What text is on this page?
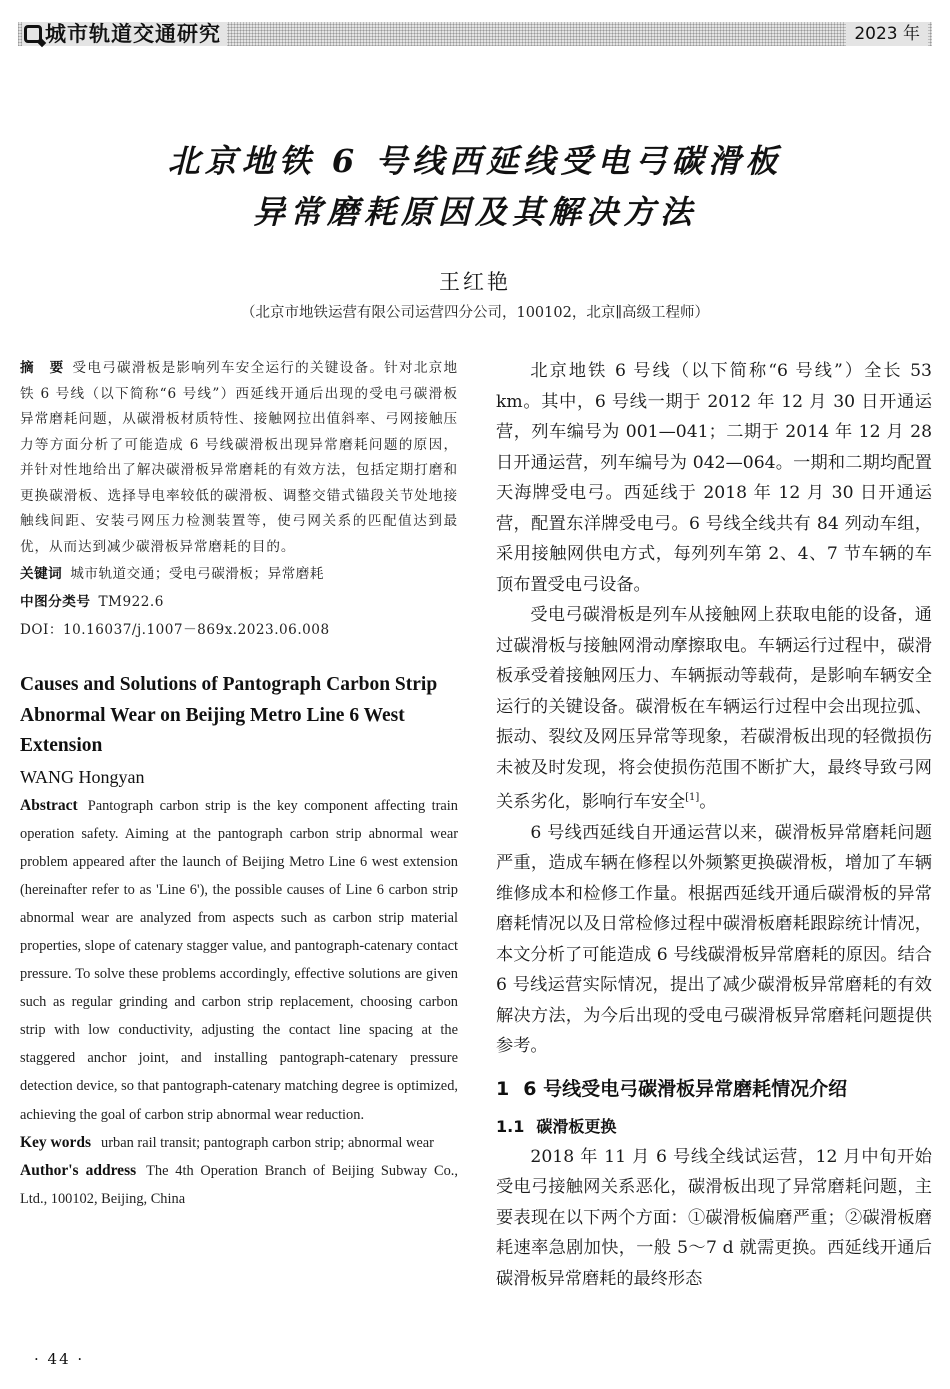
城市轨道交通研究	2023 年
北京地铁 6 号线西延线受电弓碳滑板
异常磨耗原因及其解决方法
王红艳
（北京市地铁运营有限公司运营四分公司，100102，北京∥高级工程师）
摘　要 受电弓碳滑板是影响列车安全运行的关键设备。针对北京地铁 6 号线（以下简称“6 号线”）西延线开通后出现的受电弓碳滑板异常磨耗问题，从碳滑板材质特性、接触网拉出值斜率、弓网接触压力等方面分析了可能造成 6 号线碳滑板出现异常磨耗问题的原因，并针对性地给出了解决碳滑板异常磨耗的有效方法，包括定期打磨和更换碳滑板、选择导电率较低的碳滑板、调整交错式锚段关节处地接触线间距、安装弓网压力检测装置等，使弓网关系的匹配值达到最优，从而达到减少碳滑板异常磨耗的目的。
关键词 城市轨道交通；受电弓碳滑板；异常磨耗
中图分类号 TM922.6
DOI：10.16037/j.1007－869x.2023.06.008
Causes and Solutions of Pantograph Carbon Strip Abnormal Wear on Beijing Metro Line 6 West Extension
WANG Hongyan
Abstract Pantograph carbon strip is the key component affecting train operation safety. Aiming at the pantograph carbon strip abnormal wear problem appeared after the launch of Beijing Metro Line 6 west extension (hereinafter refer to as 'Line 6'), the possible causes of Line 6 carbon strip abnormal wear are analyzed from aspects such as carbon strip material properties, slope of catenary stagger value, and pantograph-catenary contact pressure. To solve these problems accordingly, effective solutions are given such as regular grinding and carbon strip replacement, choosing carbon strip with low conductivity, adjusting the contact line spacing at the staggered anchor joint, and installing pantograph-catenary pressure detection device, so that pantograph-catenary matching degree is optimized, achieving the goal of carbon strip abnormal wear reduction.
Key words urban rail transit; pantograph carbon strip; abnormal wear
Author's address The 4th Operation Branch of Beijing Subway Co., Ltd., 100102, Beijing, China
· 44 ·

北京地铁 6 号线（以下简称“6 号线”）全长 53 km。其中，6 号线一期于 2012 年 12 月 30 日开通运营，列车编号为 001—041；二期于 2014 年 12 月 28 日开通运营，列车编号为 042—064。一期和二期均配置天海牌受电弓。西延线于 2018 年 12 月 30 日开通运营，配置东洋牌受电弓。6 号线全线共有 84 列动车组，采用接触网供电方式，每列列车第 2、4、7 节车辆的车顶布置受电弓设备。

受电弓碳滑板是列车从接触网上获取电能的设备，通过碳滑板与接触网滑动摩擦取电。车辆运行过程中，碳滑板承受着接触网压力、车辆振动等载荷，是影响车辆安全运行的关键设备。碳滑板在车辆运行过程中会出现拉弧、振动、裂纹及网压异常等现象，若碳滑板出现的轻微损伤未被及时发现，将会使损伤范围不断扩大，最终导致弓网关系劣化，影响行车安全[1]。

6 号线西延线自开通运营以来，碳滑板异常磨耗问题严重，造成车辆在修程以外频繁更换碳滑板，增加了车辆维修成本和检修工作量。根据西延线开通后碳滑板的异常磨耗情况以及日常检修过程中碳滑板磨耗跟踪统计情况，本文分析了可能造成 6 号线碳滑板异常磨耗的原因。结合 6 号线运营实际情况，提出了减少碳滑板异常磨耗的有效解决方法，为今后出现的受电弓碳滑板异常磨耗问题提供参考。

1 6 号线受电弓碳滑板异常磨耗情况介绍
1.1 碳滑板更换

2018 年 11 月 6 号线全线试运营，12 月中旬开始受电弓接触网关系恶化，碳滑板出现了异常磨耗问题，主要表现在以下两个方面：①碳滑板偏磨严重；②碳滑板磨耗速率急剧加快，一般 5～7 d 就需更换。西延线开通后碳滑板异常磨耗的最终形态
